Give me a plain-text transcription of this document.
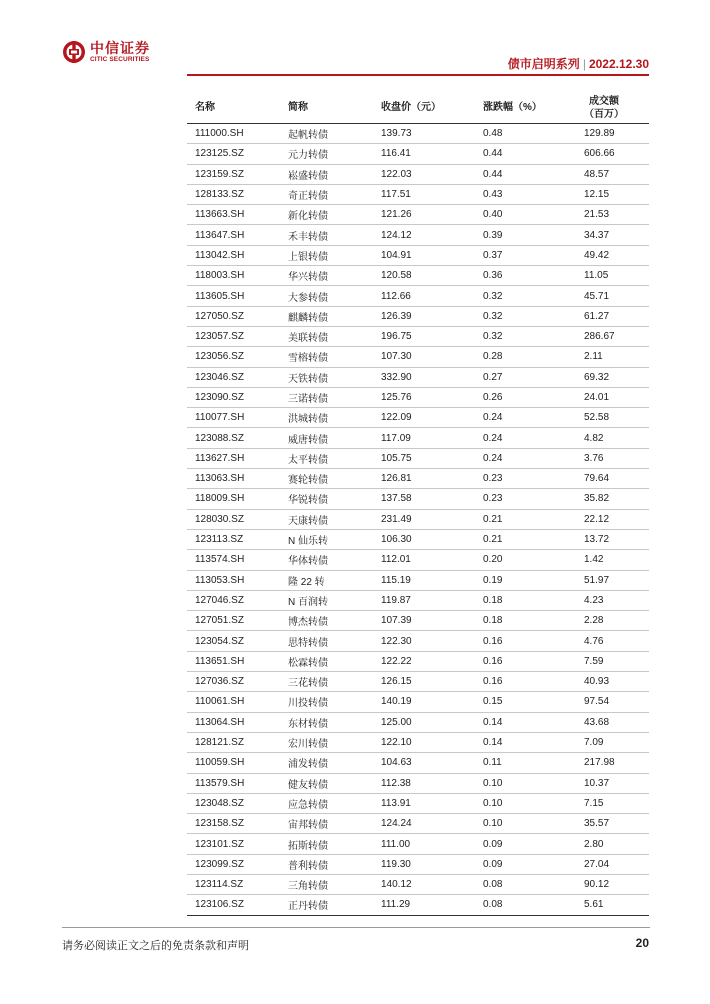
中信证券
CITIC SECURITIES	债市启明系列 | 2022.12.30
名称	简称	收盘价（元）	涨跌幅（%）	成交额
（百万）
111000.SH	起帆转债	139.73	0.48	129.89
123125.SZ	元力转债	116.41	0.44	606.66
123159.SZ	崧盛转债	122.03	0.44	48.57
128133.SZ	奇正转债	117.51	0.43	12.15
113663.SH	新化转债	121.26	0.40	21.53
113647.SH	禾丰转债	124.12	0.39	34.37
113042.SH	上银转债	104.91	0.37	49.42
118003.SH	华兴转债	120.58	0.36	11.05
113605.SH	大参转债	112.66	0.32	45.71
127050.SZ	麒麟转债	126.39	0.32	61.27
123057.SZ	美联转债	196.75	0.32	286.67
123056.SZ	雪榕转债	107.30	0.28	2.11
123046.SZ	天铁转债	332.90	0.27	69.32
123090.SZ	三诺转债	125.76	0.26	24.01
110077.SH	洪城转债	122.09	0.24	52.58
123088.SZ	威唐转债	117.09	0.24	4.82
113627.SH	太平转债	105.75	0.24	3.76
113063.SH	赛轮转债	126.81	0.23	79.64
118009.SH	华锐转债	137.58	0.23	35.82
128030.SZ	天康转债	231.49	0.21	22.12
123113.SZ	N 仙乐转	106.30	0.21	13.72
113574.SH	华体转债	112.01	0.20	1.42
113053.SH	隆 22 转	115.19	0.19	51.97
127046.SZ	N 百润转	119.87	0.18	4.23
127051.SZ	博杰转债	107.39	0.18	2.28
123054.SZ	思特转债	122.30	0.16	4.76
113651.SH	松霖转债	122.22	0.16	7.59
127036.SZ	三花转债	126.15	0.16	40.93
110061.SH	川投转债	140.19	0.15	97.54
113064.SH	东材转债	125.00	0.14	43.68
128121.SZ	宏川转债	122.10	0.14	7.09
110059.SH	浦发转债	104.63	0.11	217.98
113579.SH	健友转债	112.38	0.10	10.37
123048.SZ	应急转债	113.91	0.10	7.15
123158.SZ	宙邦转债	124.24	0.10	35.57
123101.SZ	拓斯转债	111.00	0.09	2.80
123099.SZ	普利转债	119.30	0.09	27.04
123114.SZ	三角转债	140.12	0.08	90.12
123106.SZ	正丹转债	111.29	0.08	5.61
请务必阅读正文之后的免责条款和声明	20
